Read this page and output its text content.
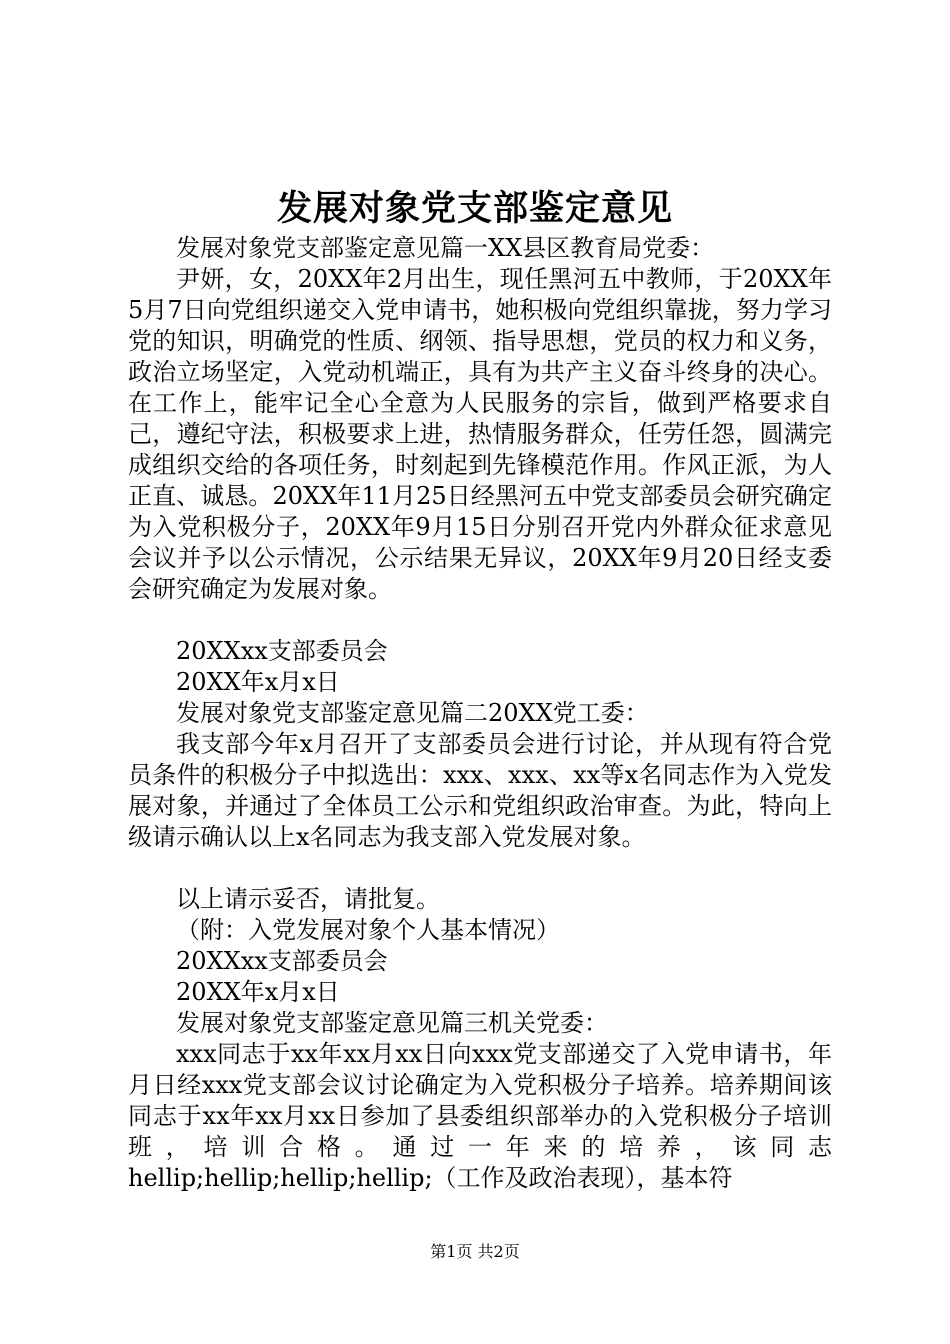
发展对象党支部鉴定意见

发展对象党支部鉴定意见篇一XX县区教育局党委：

尹妍，女，20XX年2月出生，现任黑河五中教师，于20XX年5月7日向党组织递交入党申请书，她积极向党组织靠拢，努力学习党的知识，明确党的性质、纲领、指导思想，党员的权力和义务，政治立场坚定，入党动机端正，具有为共产主义奋斗终身的决心。在工作上，能牢记全心全意为人民服务的宗旨，做到严格要求自己，遵纪守法，积极要求上进，热情服务群众，任劳任怨，圆满完成组织交给的各项任务，时刻起到先锋模范作用。作风正派，为人正直、诚恳。20XX年11月25日经黑河五中党支部委员会研究确定为入党积极分子，20XX年9月15日分别召开党内外群众征求意见会议并予以公示情况，公示结果无异议，20XX年9月20日经支委会研究确定为发展对象。

20XXxx支部委员会

20XX年x月x日

发展对象党支部鉴定意见篇二20XX党工委：

我支部今年x月召开了支部委员会进行讨论，并从现有符合党员条件的积极分子中拟选出：xxx、xxx、xx等x名同志作为入党发展对象，并通过了全体员工公示和党组织政治审查。为此，特向上级请示确认以上x名同志为我支部入党发展对象。

以上请示妥否，请批复。

（附：入党发展对象个人基本情况）

20XXxx支部委员会

20XX年x月x日

发展对象党支部鉴定意见篇三机关党委：

xxx同志于xx年xx月xx日向xxx党支部递交了入党申请书，年月日经xxx党支部会议讨论确定为入党积极分子培养。培养期间该同志于xx年xx月xx日参加了县委组织部举办的入党积极分子培训班，培训合格。通过一年来的培养，该同志hellip;hellip;hellip;hellip;（工作及政治表现），基本符

第1页 共2页
